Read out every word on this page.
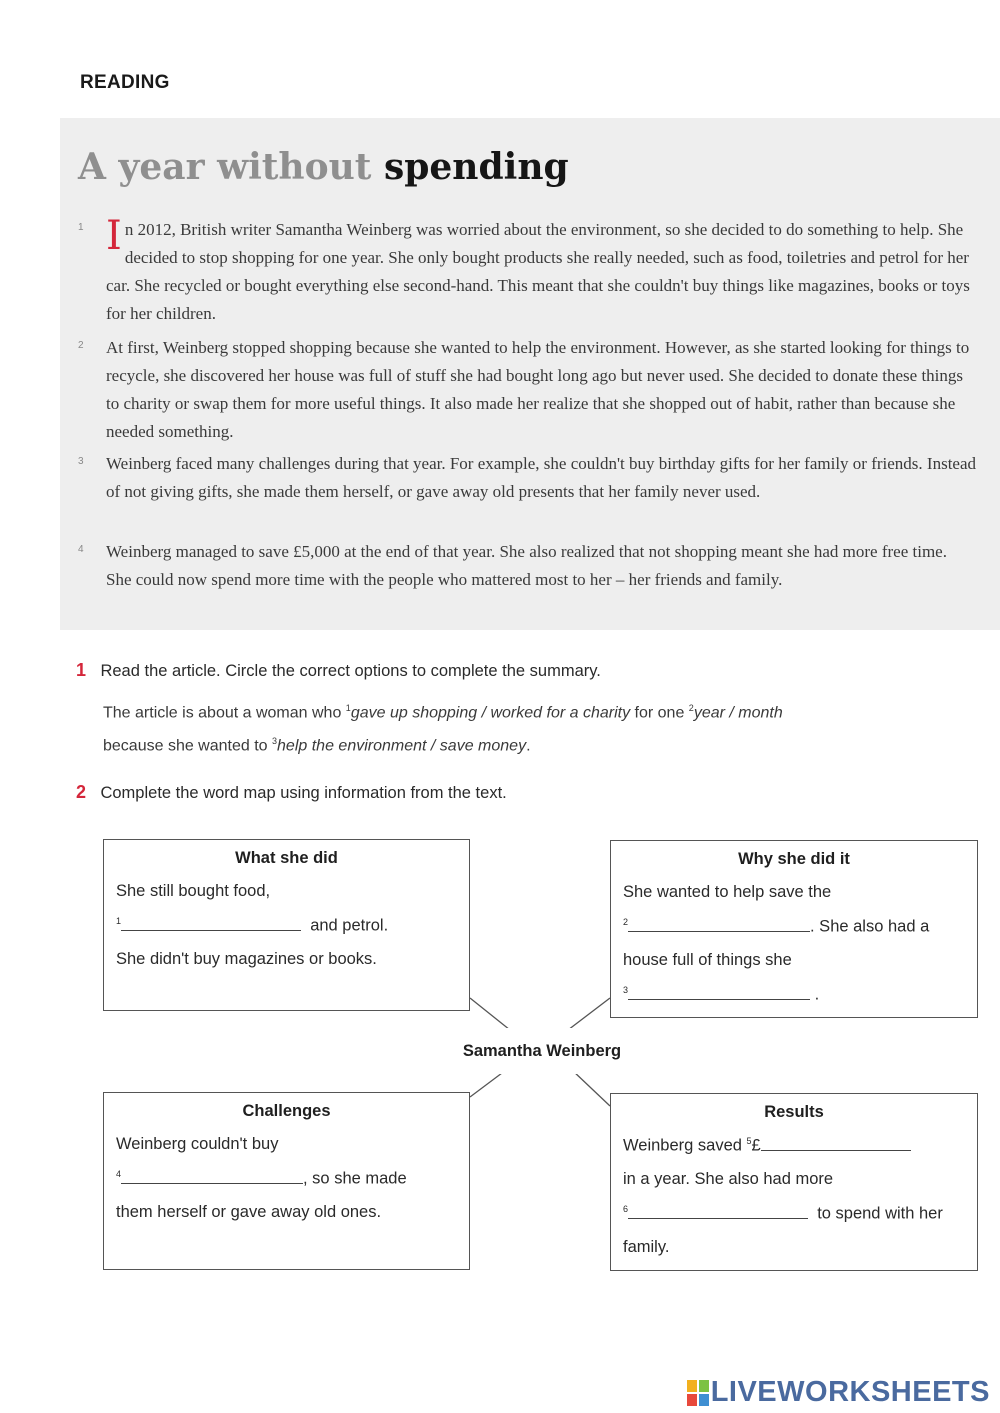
READING
A year without spending
1 In 2012, British writer Samantha Weinberg was worried about the environment, so she decided to do something to help. She decided to stop shopping for one year. She only bought products she really needed, such as food, toiletries and petrol for her car. She recycled or bought everything else second-hand. This meant that she couldn't buy things like magazines, books or toys for her children.
2 At first, Weinberg stopped shopping because she wanted to help the environment. However, as she started looking for things to recycle, she discovered her house was full of stuff she had bought long ago but never used. She decided to donate these things to charity or swap them for more useful things. It also made her realize that she shopped out of habit, rather than because she needed something.
3 Weinberg faced many challenges during that year. For example, she couldn't buy birthday gifts for her family or friends. Instead of not giving gifts, she made them herself, or gave away old presents that her family never used.
4 Weinberg managed to save £5,000 at the end of that year. She also realized that not shopping meant she had more free time. She could now spend more time with the people who mattered most to her – her friends and family.
1 Read the article. Circle the correct options to complete the summary.
The article is about a woman who $^1$gave up shopping / worked for a charity for one $^2$year / month
because she wanted to $^3$help the environment / save money.
2 Complete the word map using information from the text.
What she did
She still bought food,
$^1$	and petrol.
She didn't buy magazines or books.
Why she did it
She wanted to help save the
$^2$	. She also had a
house full of things she
$^3$	.
Samantha Weinberg
Challenges
Weinberg couldn't buy
$^4$	, so she made
them herself or gave away old ones.
Results
Weinberg saved $^5$£
in a year. She also had more
$^6$	to spend with her
family.
LIVEWORKSHEETS
